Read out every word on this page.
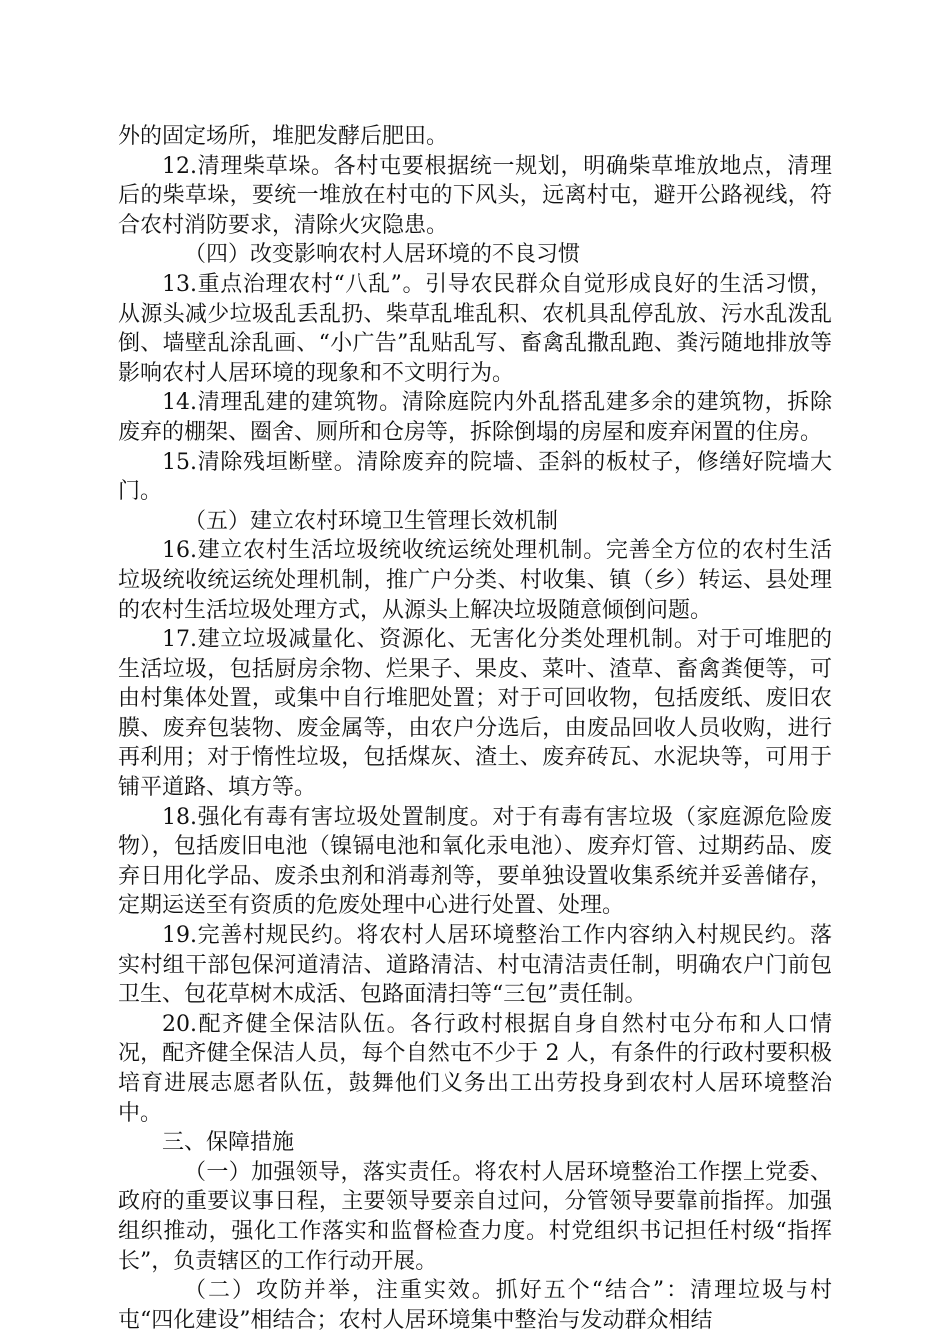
外的固定场所，堆肥发酵后肥田。

12.清理柴草垛。各村屯要根据统一规划，明确柴草堆放地点，清理后的柴草垛，要统一堆放在村屯的下风头，远离村屯，避开公路视线，符合农村消防要求，清除火灾隐患。

（四）改变影响农村人居环境的不良习惯

13.重点治理农村“八乱”。引导农民群众自觉形成良好的生活习惯，从源头减少垃圾乱丢乱扔、柴草乱堆乱积、农机具乱停乱放、污水乱泼乱倒、墙壁乱涂乱画、“小广告”乱贴乱写、畜禽乱撒乱跑、粪污随地排放等影响农村人居环境的现象和不文明行为。

14.清理乱建的建筑物。清除庭院内外乱搭乱建多余的建筑物，拆除废弃的棚架、圈舍、厕所和仓房等，拆除倒塌的房屋和废弃闲置的住房。

15.清除残垣断壁。清除废弃的院墙、歪斜的板杖子，修缮好院墙大门。

（五）建立农村环境卫生管理长效机制

16.建立农村生活垃圾统收统运统处理机制。完善全方位的农村生活垃圾统收统运统处理机制，推广户分类、村收集、镇（乡）转运、县处理的农村生活垃圾处理方式，从源头上解决垃圾随意倾倒问题。

17.建立垃圾减量化、资源化、无害化分类处理机制。对于可堆肥的生活垃圾，包括厨房余物、烂果子、果皮、菜叶、渣草、畜禽粪便等，可由村集体处置，或集中自行堆肥处置；对于可回收物，包括废纸、废旧农膜、废弃包装物、废金属等，由农户分选后，由废品回收人员收购，进行再利用；对于惰性垃圾，包括煤灰、渣土、废弃砖瓦、水泥块等，可用于铺平道路、填方等。

18.强化有毒有害垃圾处置制度。对于有毒有害垃圾（家庭源危险废物），包括废旧电池（镍镉电池和氧化汞电池）、废弃灯管、过期药品、废弃日用化学品、废杀虫剂和消毒剂等，要单独设置收集系统并妥善储存，定期运送至有资质的危废处理中心进行处置、处理。

19.完善村规民约。将农村人居环境整治工作内容纳入村规民约。落实村组干部包保河道清洁、道路清洁、村屯清洁责任制，明确农户门前包卫生、包花草树木成活、包路面清扫等“三包”责任制。

20.配齐健全保洁队伍。各行政村根据自身自然村屯分布和人口情况，配齐健全保洁人员，每个自然屯不少于 2 人，有条件的行政村要积极培育进展志愿者队伍，鼓舞他们义务出工出劳投身到农村人居环境整治中。

三、保障措施

（一）加强领导，落实责任。将农村人居环境整治工作摆上党委、政府的重要议事日程，主要领导要亲自过问，分管领导要靠前指挥。加强组织推动，强化工作落实和监督检查力度。村党组织书记担任村级“指挥长”，负责辖区的工作行动开展。

（二）攻防并举，注重实效。抓好五个“结合”：清理垃圾与村屯“四化建设”相结合；农村人居环境集中整治与发动群众相结
